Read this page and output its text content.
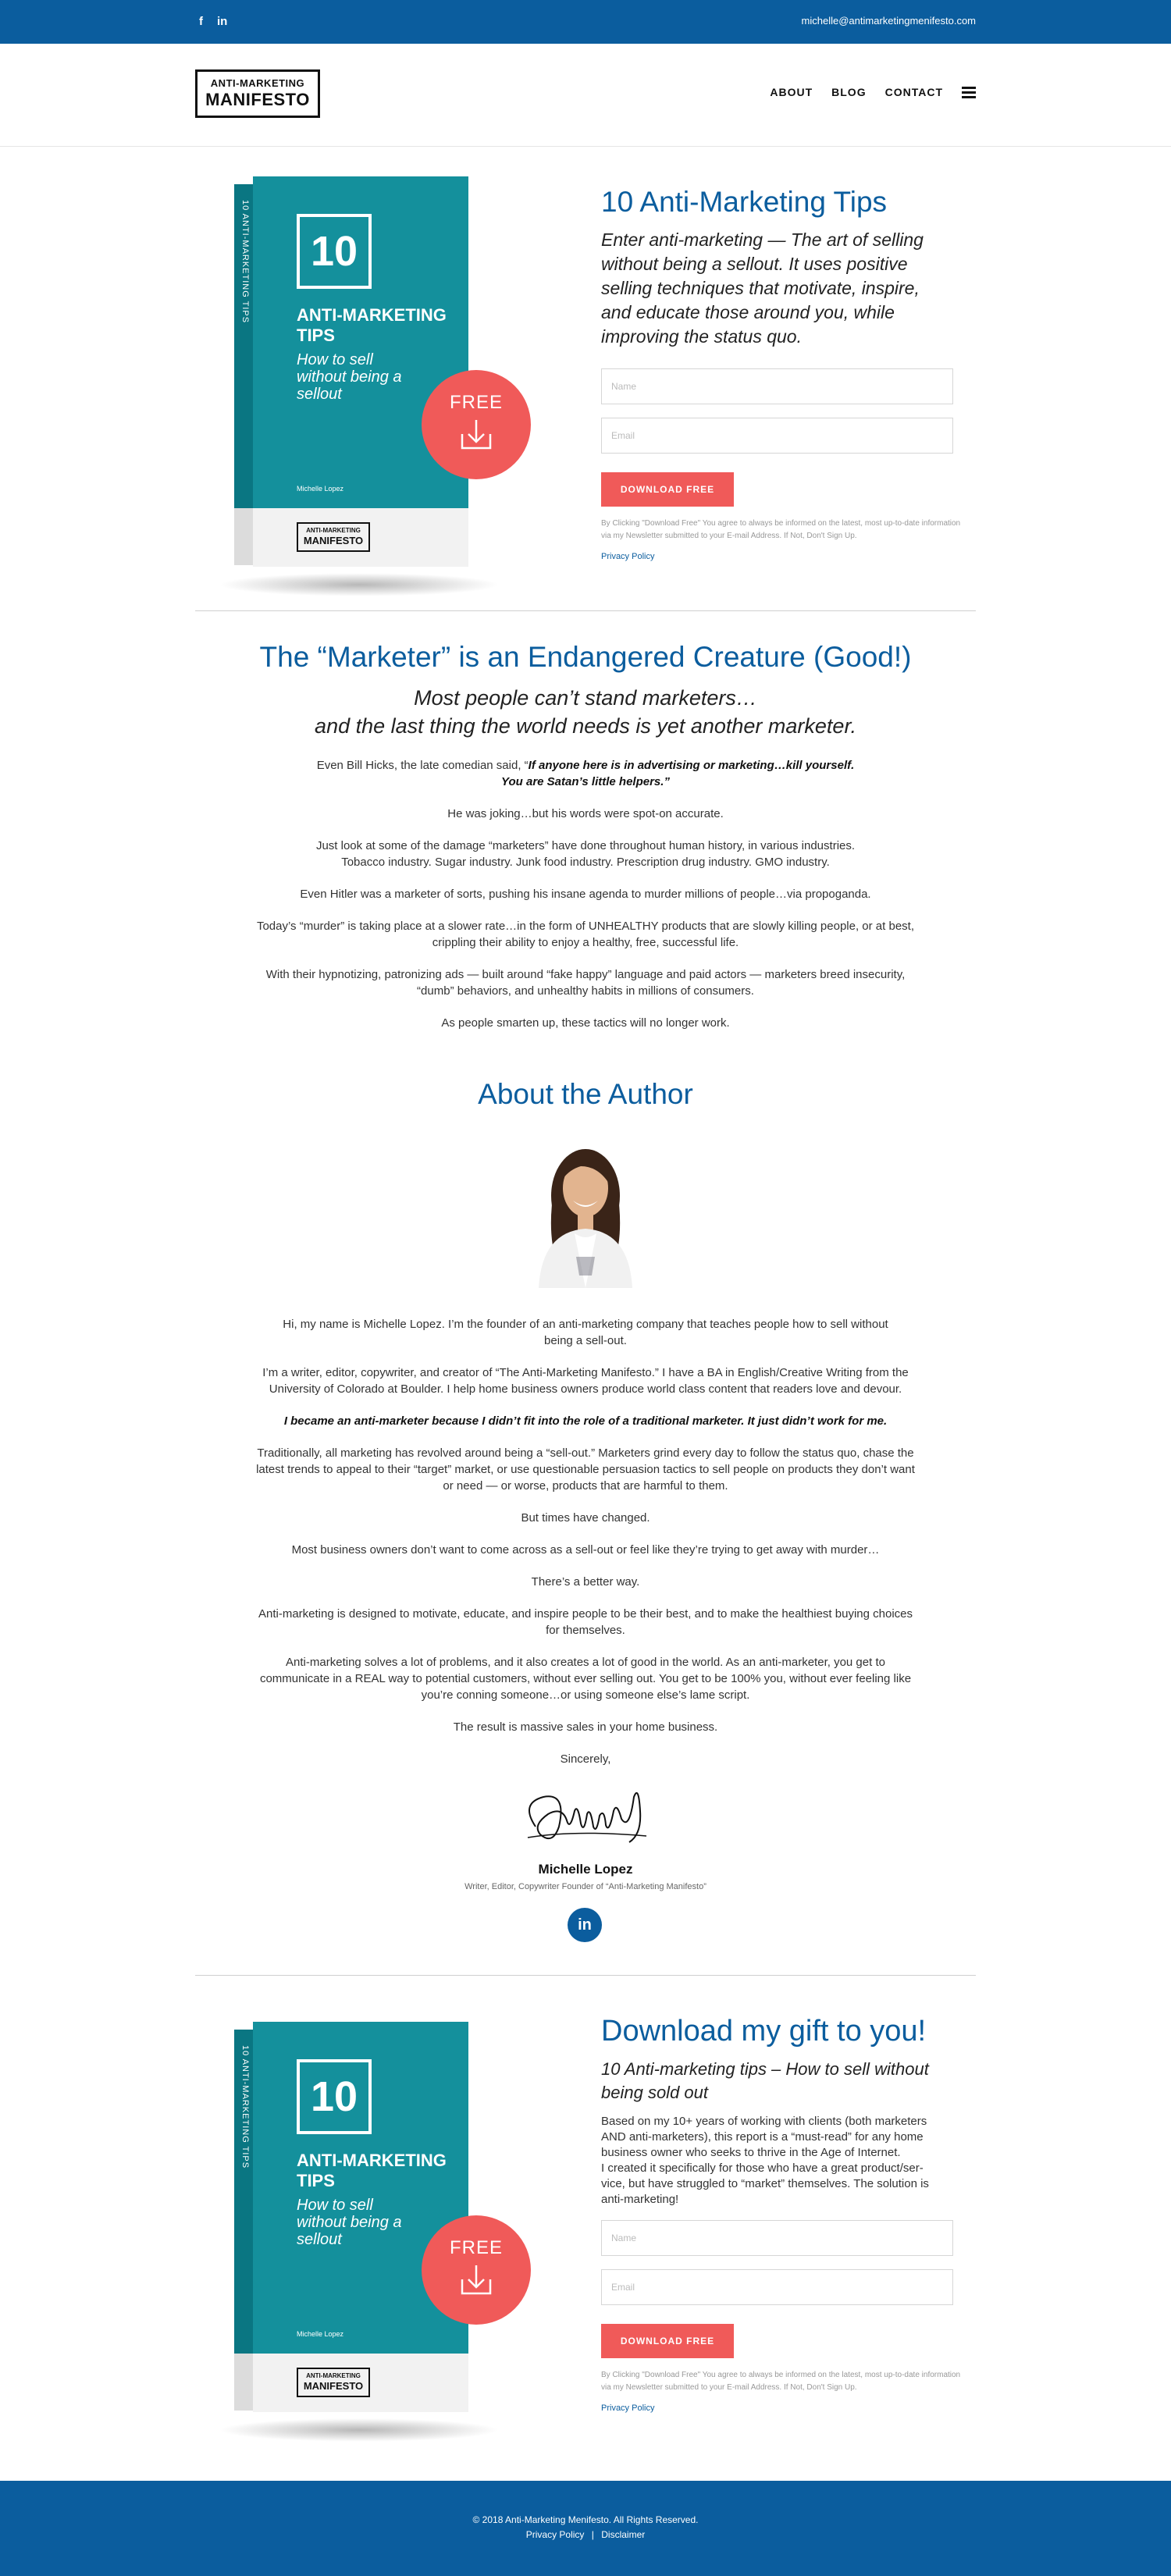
f in	michelle@antimarketingmenifesto.com
ANTI-MARKETING
MANIFESTO	ABOUT BLOG CONTACT
10 ANTI-MARKETING TIPS	10
ANTI-MARKETING
TIPS
How to sell without being a sellout
Michelle Lopez
ANTI-MARKETING
MANIFESTO
FREE
10 Anti-Marketing Tips
Enter anti-marketing — The art of selling without being a sellout. It uses positive selling techniques that motivate, inspire, and educate those around you, while improving the status quo.
Name
Email DOWNLOAD FREE
By Clicking "Download Free" You agree to always be informed on the latest, most up-to-date information via my Newsletter submitted to your E-mail Address. If Not, Don't Sign Up.
Privacy Policy
The “Marketer” is an Endangered Creature (Good!)
Most people can’t stand marketers…
and the last thing the world needs is yet another marketer.
Even Bill Hicks, the late comedian said, “If anyone here is in advertising or marketing…kill yourself.
You are Satan’s little helpers.”
He was joking…but his words were spot-on accurate.
Just look at some of the damage “marketers” have done throughout human history, in various industries.
Tobacco industry. Sugar industry. Junk food industry. Prescription drug industry. GMO industry.
Even Hitler was a marketer of sorts, pushing his insane agenda to murder millions of people…via propoganda.
Today’s “murder” is taking place at a slower rate…in the form of UNHEALTHY products that are slowly killing people, or at best,
crippling their ability to enjoy a healthy, free, successful life.
With their hypnotizing, patronizing ads — built around “fake happy” language and paid actors — marketers breed insecurity,
“dumb” behaviors, and unhealthy habits in millions of consumers.
As people smarten up, these tactics will no longer work.
About the Author
Hi, my name is Michelle Lopez. I’m the founder of an anti-marketing company that teaches people how to sell without
being a sell-out.
I’m a writer, editor, copywriter, and creator of “The Anti-Marketing Manifesto.” I have a BA in English/Creative Writing from the
University of Colorado at Boulder. I help home business owners produce world class content that readers love and devour.
I became an anti-marketer because I didn’t fit into the role of a traditional marketer. It just didn’t work for me.
Traditionally, all marketing has revolved around being a “sell-out.” Marketers grind every day to follow the status quo, chase the
latest trends to appeal to their “target” market, or use questionable persuasion tactics to sell people on products they don’t want
or need — or worse, products that are harmful to them.
But times have changed.
Most business owners don’t want to come across as a sell-out or feel like they’re trying to get away with murder…
There’s a better way.
Anti-marketing is designed to motivate, educate, and inspire people to be their best, and to make the healthiest buying choices
for themselves.
Anti-marketing solves a lot of problems, and it also creates a lot of good in the world. As an anti-marketer, you get to
communicate in a REAL way to potential customers, without ever selling out. You get to be 100% you, without ever feeling like
you’re conning someone…or using someone else’s lame script.
The result is massive sales in your home business.
Sincerely,
Michelle Lopez
Writer, Editor, Copywriter Founder of “Anti-Marketing Manifesto”
in
10 ANTI-MARKETING TIPS	10
ANTI-MARKETING
TIPS
How to sell without being a sellout
Michelle Lopez
ANTI-MARKETING
MANIFESTO
FREE
Download my gift to you!
10 Anti-marketing tips – How to sell without being sold out
Based on my 10+ years of working with clients (both marketers
AND anti-marketers), this report is a “must-read” for any home
business owner who seeks to thrive in the Age of Internet.
I created it specifically for those who have a great product/ser-
vice, but have struggled to “market” themselves. The solution is
anti-marketing!
Name
Email DOWNLOAD FREE
By Clicking "Download Free" You agree to always be informed on the latest, most up-to-date information via my Newsletter submitted to your E-mail Address. If Not, Don't Sign Up.
Privacy Policy
© 2018 Anti-Marketing Menifesto. All Rights Reserved.
Privacy Policy | Disclaimer
